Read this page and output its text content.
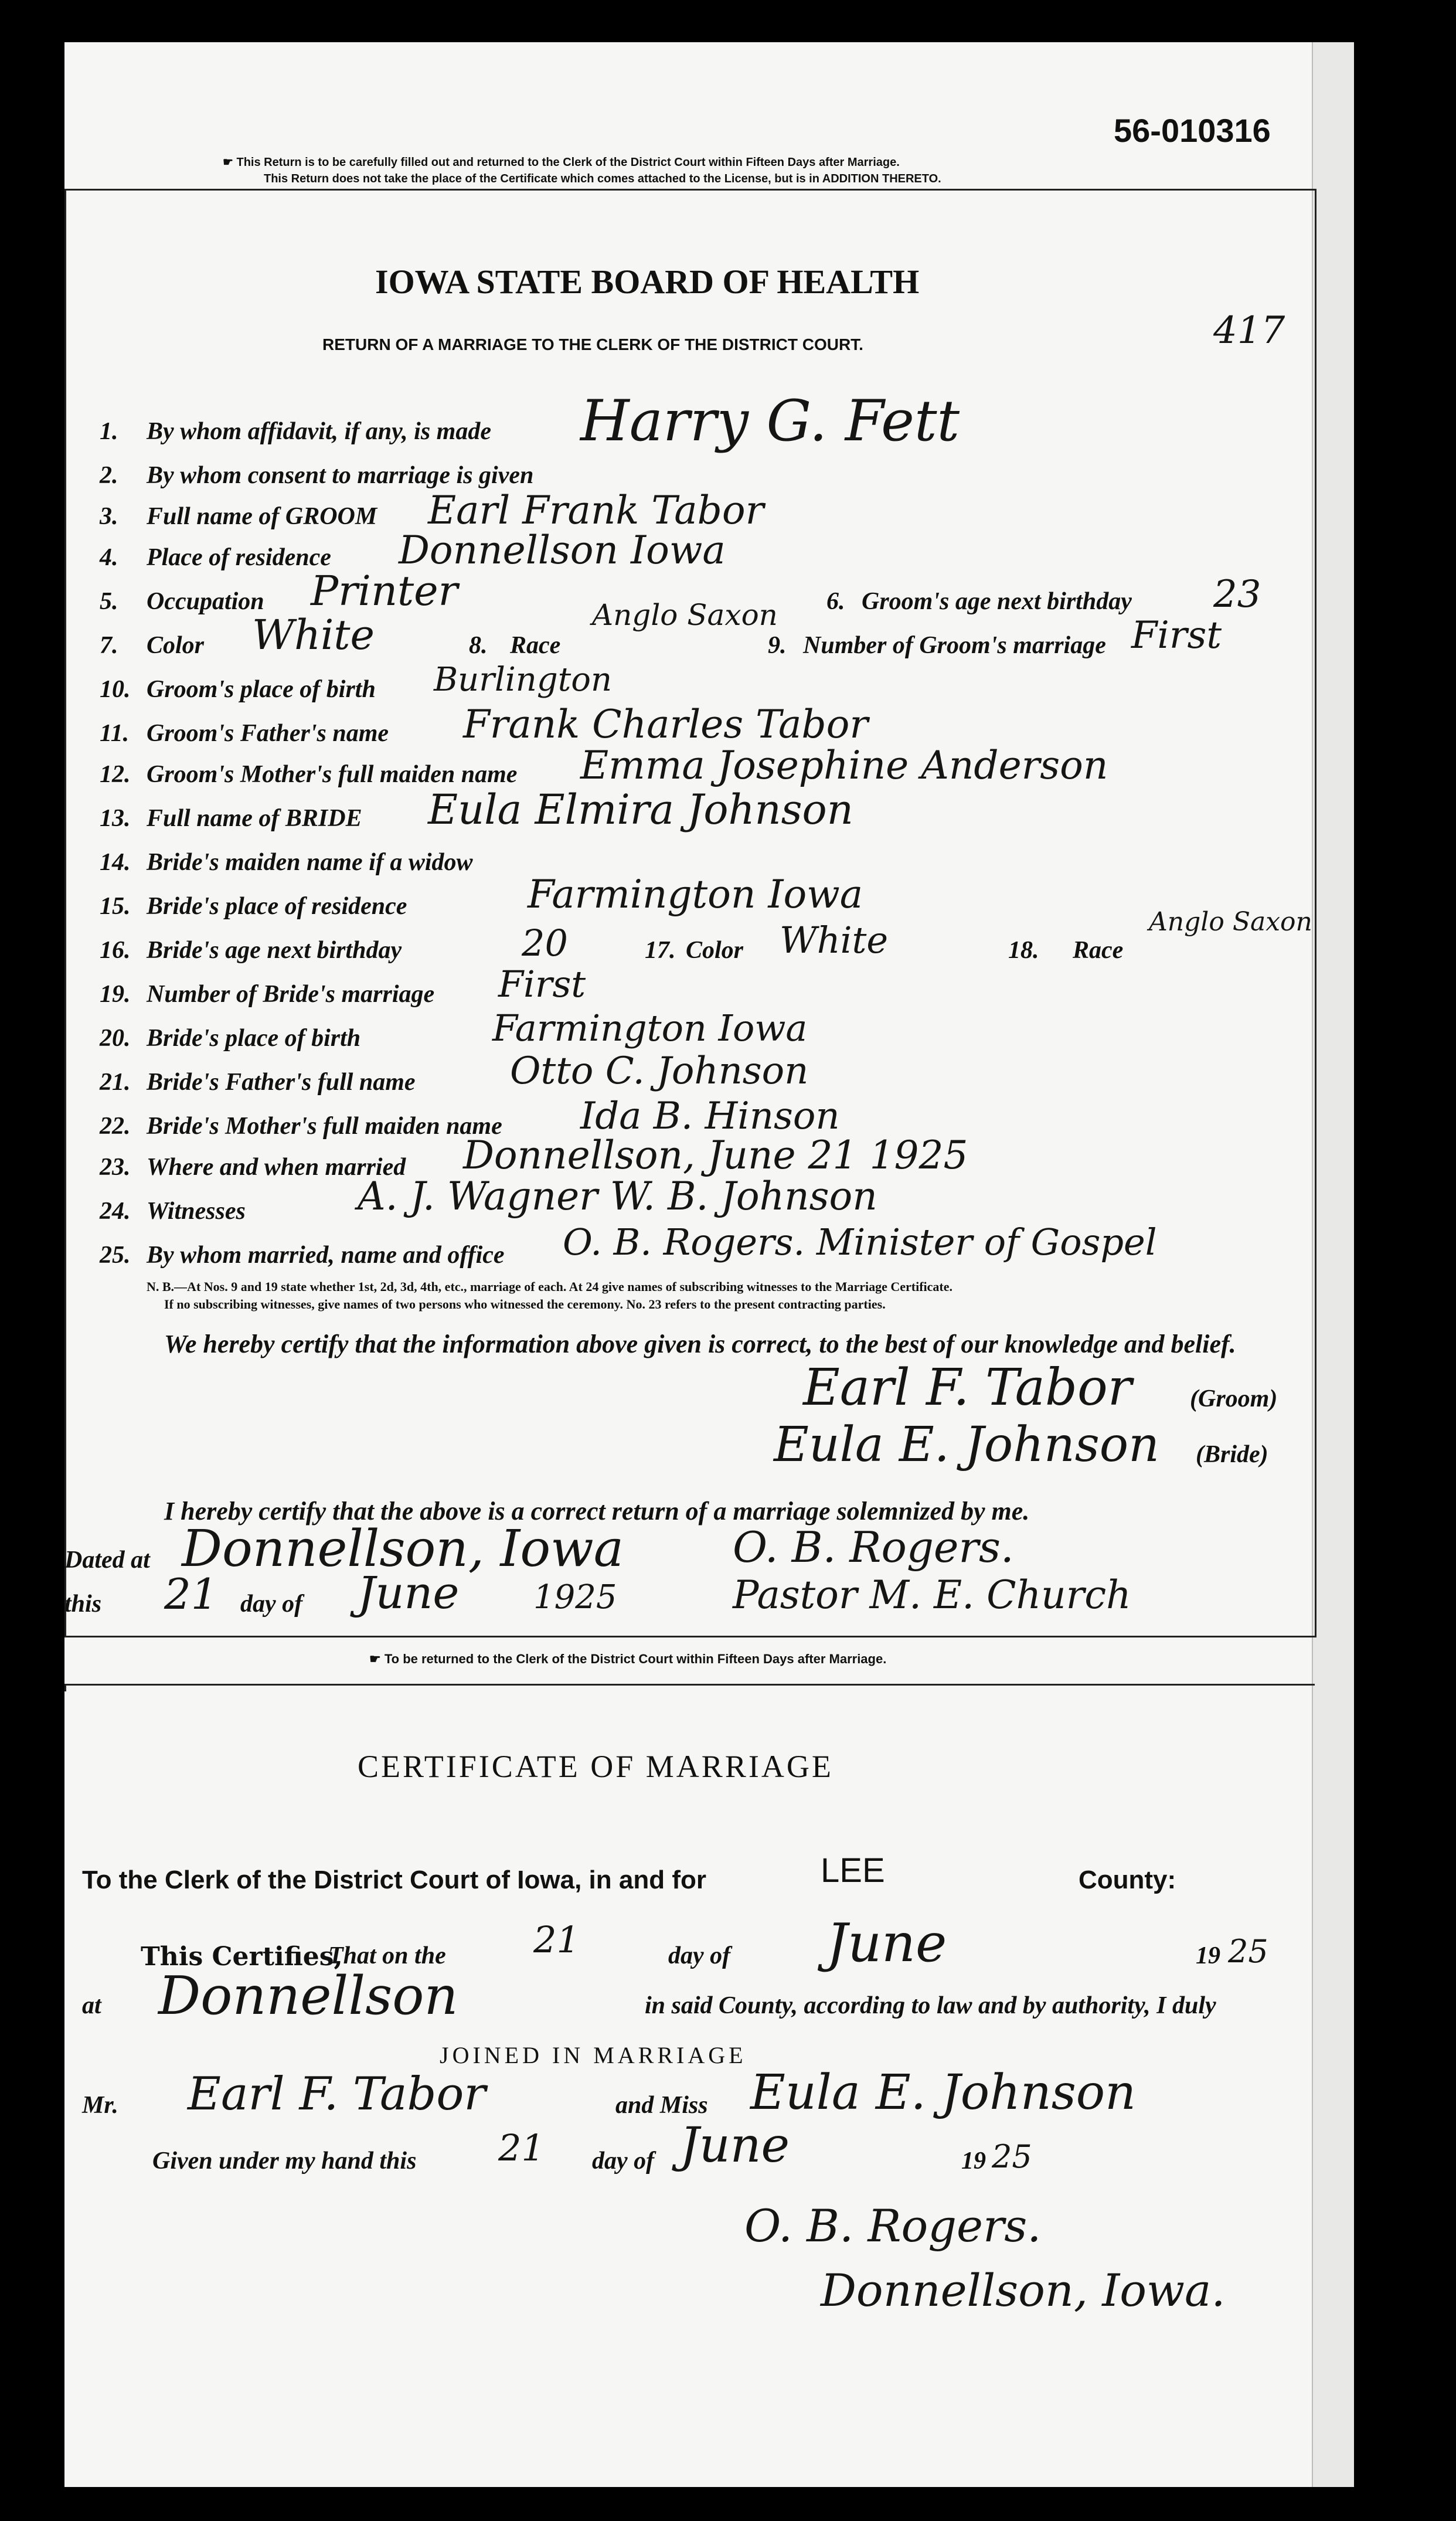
56-010316
☛ This Return is to be carefully filled out and returned to the Clerk of the District Court within Fifteen Days after Marriage.
This Return does not take the place of the Certificate which comes attached to the License, but is in ADDITION THERETO.
IOWA STATE BOARD OF HEALTH
RETURN OF A MARRIAGE TO THE CLERK OF THE DISTRICT COURT.	417
1. By whom affidavit, if any, is made Harry G. Fett
2. By whom consent to marriage is given
3. Full name of GROOM Earl Frank Tabor
4. Place of residence Donnellson Iowa
5. Occupation Printer	6. Groom's age next birthday 23
7. Color White	8. Race
Anglo Saxon
9. Number of Groom's marriage First
10. Groom's place of birth Burlington
11. Groom's Father's name Frank Charles Tabor
12. Groom's Mother's full maiden name Emma Josephine Anderson
13. Full name of BRIDE Eula Elmira Johnson
14. Bride's maiden name if a widow
15. Bride's place of residence	Farmington Iowa
16. Bride's age next birthday	20	17. Color White	18. Race
Anglo Saxon
19. Number of Bride's marriage First
20. Bride's place of birth	Farmington Iowa
21. Bride's Father's full name	Otto C. Johnson
22. Bride's Mother's full maiden name Ida B. Hinson
23. Where and when married Donnellson, June 21 1925
24. Witnesses	A. J. Wagner W. B. Johnson
25. By whom married, name and office O. B. Rogers. Minister of Gospel
N. B.—At Nos. 9 and 19 state whether 1st, 2d, 3d, 4th, etc., marriage of each. At 24 give names of subscribing witnesses to the Marriage Certificate.
If no subscribing witnesses, give names of two persons who witnessed the ceremony. No. 23 refers to the present contracting parties.
We hereby certify that the information above given is correct, to the best of our knowledge and belief.
Earl F. Tabor (Groom)
Eula E. Johnson (Bride)
I hereby certify that the above is a correct return of a marriage solemnized by me.
Dated at Donnellson, Iowa	O. B. Rogers.
this 21 day of June 1925	Pastor M. E. Church
☛ To be returned to the Clerk of the District Court within Fifteen Days after Marriage.
CERTIFICATE OF MARRIAGE
To the Clerk of the District Court of Iowa, in and for	LEE	County:
This Certifies,
That on the 21	day of June	19 25
at Donnellson	in said County, according to law and by authority, I duly
JOINED IN MARRIAGE
Mr. Earl F. Tabor	and Miss Eula E. Johnson
Given under my hand this 21 day of June	19 25
O. B. Rogers.
Donnellson, Iowa.
